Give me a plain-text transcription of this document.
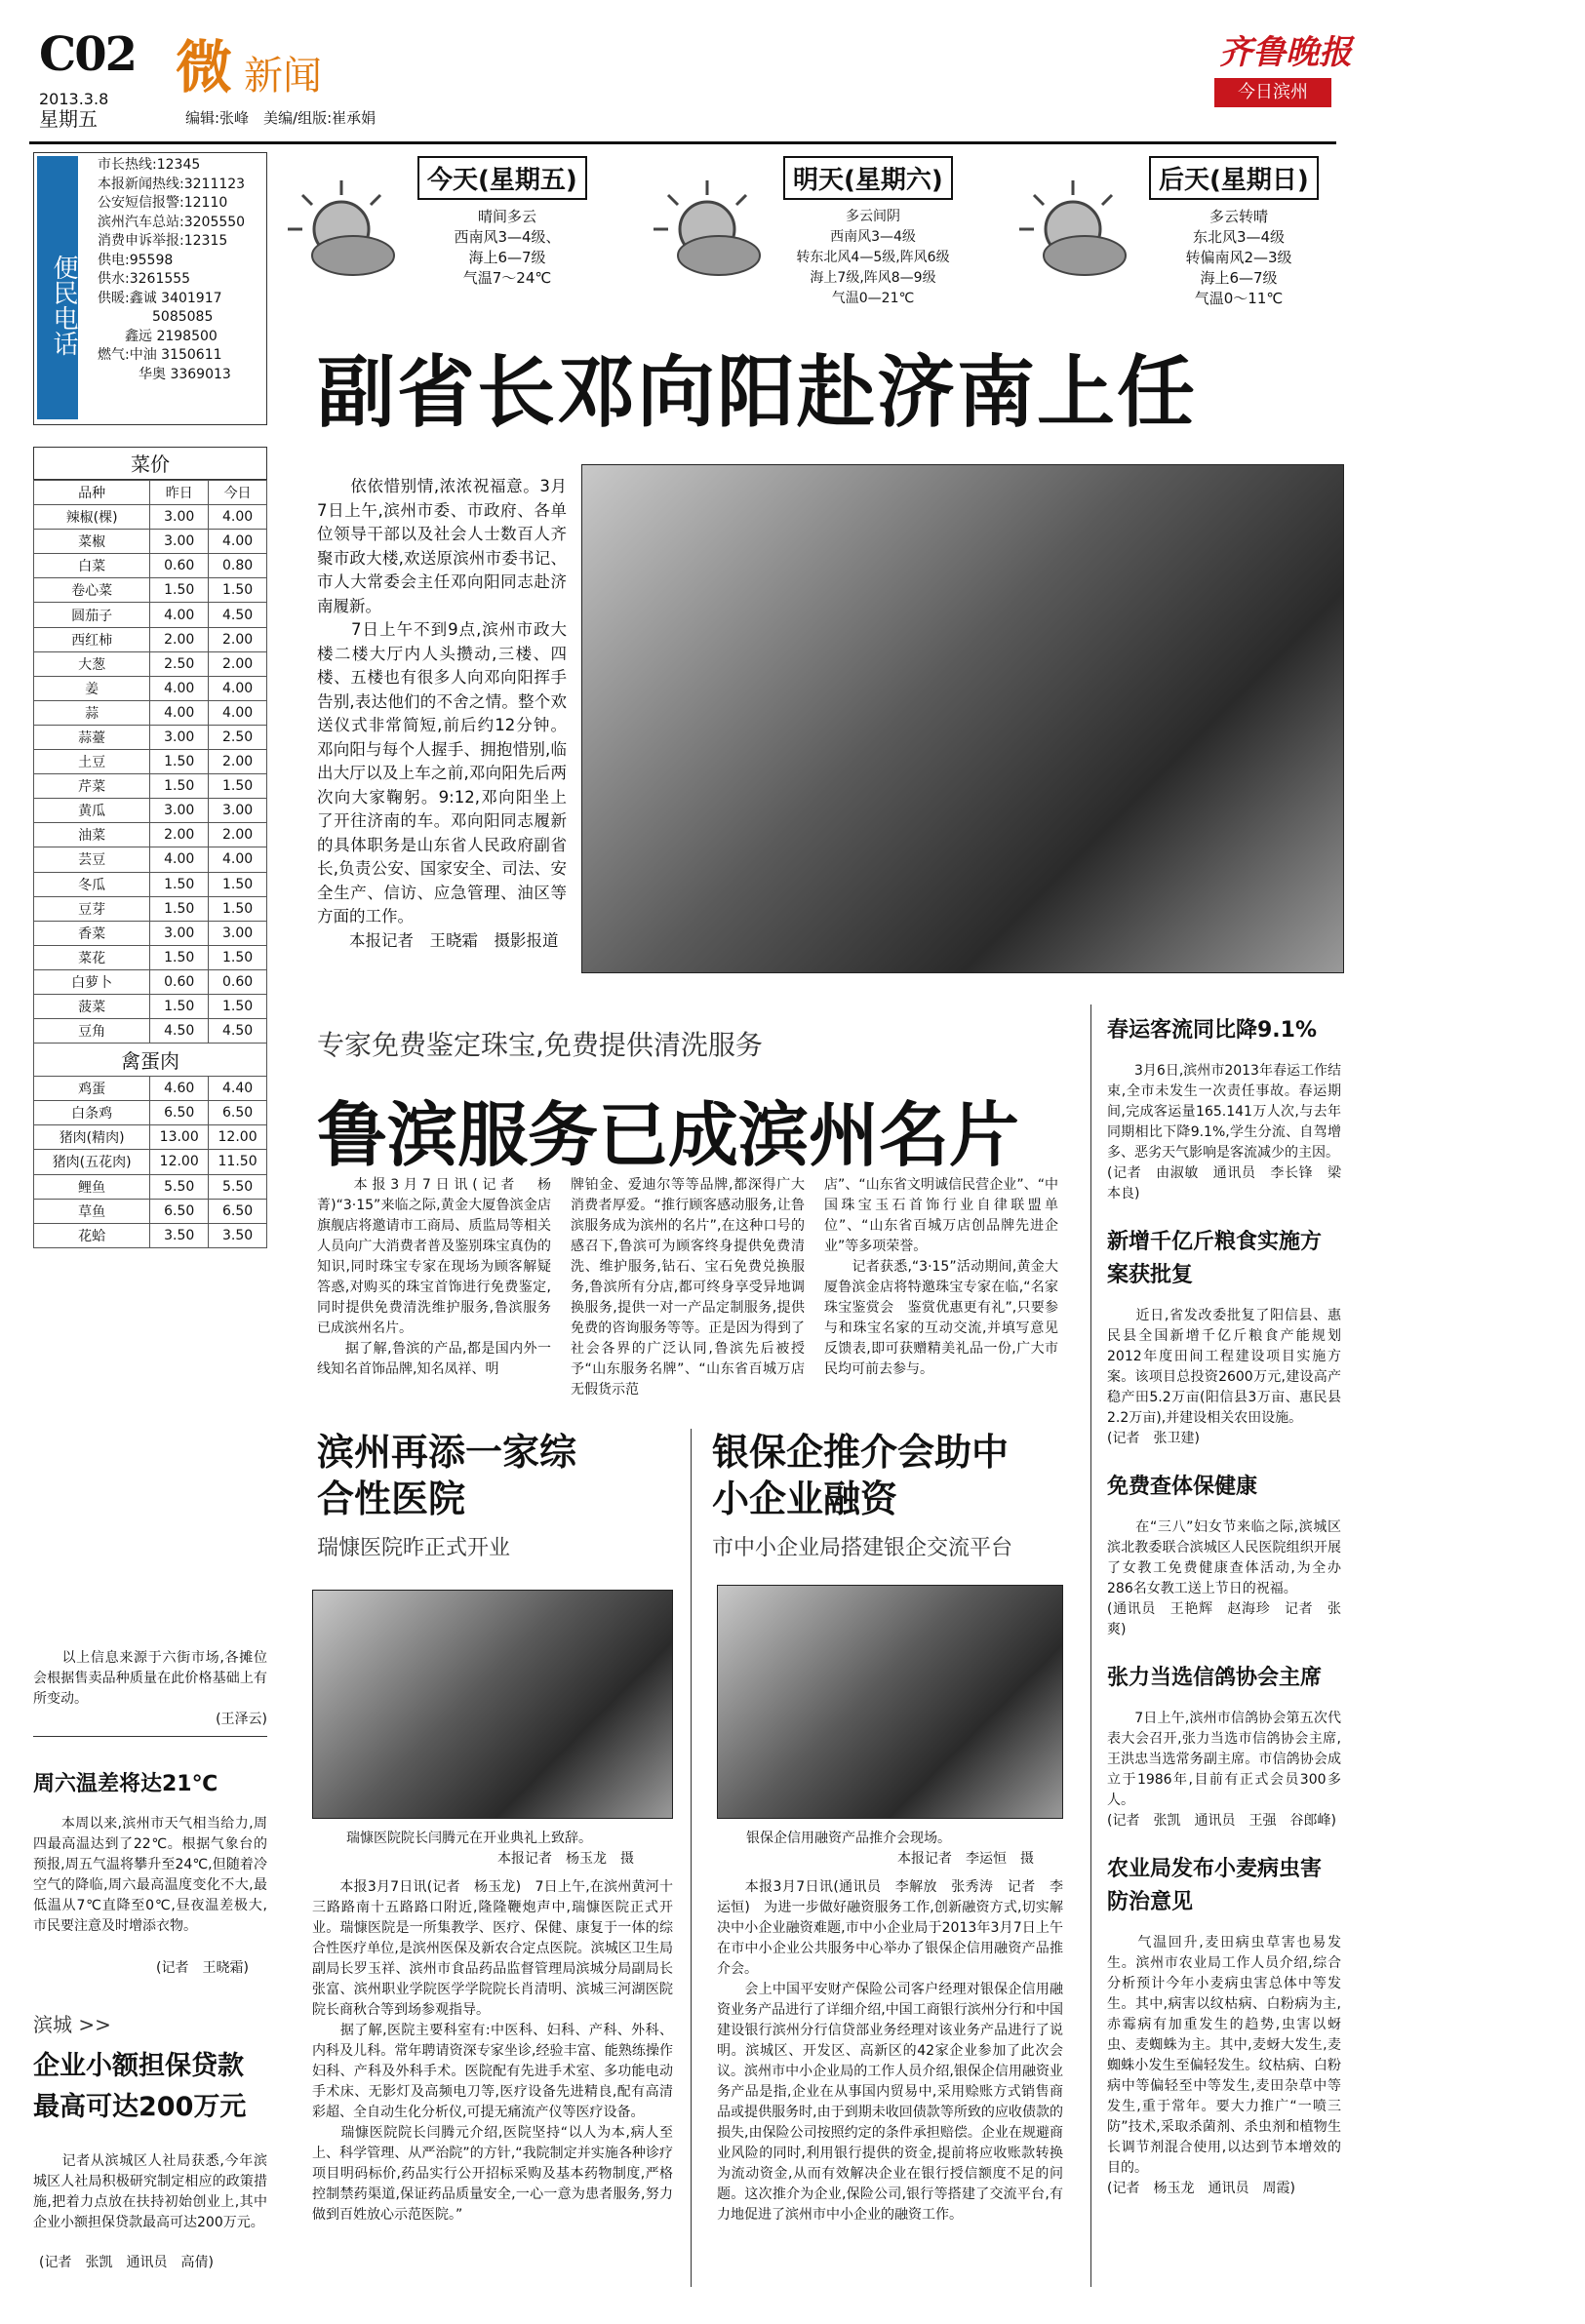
C02
2013.3.8
星期五
微 新闻
编辑:张峰　美编/组版:崔承娟
齐鲁晚报
今日滨州
便民电话
市长热线:12345
本报新闻热线:3211123
公安短信报警:12110
滨州汽车总站:3205550
消费申诉举报:12315
供电:95598
供水:3261555
供暖:鑫诚 3401917
　　　　5085085
　　鑫远 2198500
燃气:中油 3150611
　　　华奥 3369013
今天(星期五)
晴间多云
西南风3—4级、
海上6—7级
气温7～24℃
明天(星期六)
多云间阴
西南风3—4级
转东北风4—5级,阵风6级
海上7级,阵风8—9级
气温0—21℃
后天(星期日)
多云转晴
东北风3—4级
转偏南风2—3级
海上6—7级
气温0～11℃
副省长邓向阳赴济南上任
　　依依惜别情,浓浓祝福意。3月7日上午,滨州市委、市政府、各单位领导干部以及社会人士数百人齐聚市政大楼,欢送原滨州市委书记、市人大常委会主任邓向阳同志赴济南履新。
　　7日上午不到9点,滨州市政大楼二楼大厅内人头攒动,三楼、四楼、五楼也有很多人向邓向阳挥手告别,表达他们的不舍之情。整个欢送仪式非常简短,前后约12分钟。邓向阳与每个人握手、拥抱惜别,临出大厅以及上车之前,邓向阳先后两次向大家鞠躬。9:12,邓向阳坐上了开往济南的车。邓向阳同志履新的具体职务是山东省人民政府副省长,负责公安、国家安全、司法、安全生产、信访、应急管理、油区等方面的工作。
　　本报记者　王晓霜　摄影报道
菜价
品种	昨日	今日
辣椒(棵)	3.00	4.00
菜椒	3.00	4.00
白菜	0.60	0.80
卷心菜	1.50	1.50
圆茄子	4.00	4.50
西红柿	2.00	2.00
大葱	2.50	2.00
姜	4.00	4.00
蒜	4.00	4.00
蒜薹	3.00	2.50
土豆	1.50	2.00
芹菜	1.50	1.50
黄瓜	3.00	3.00
油菜	2.00	2.00
芸豆	4.00	4.00
冬瓜	1.50	1.50
豆芽	1.50	1.50
香菜	3.00	3.00
菜花	1.50	1.50
白萝卜	0.60	0.60
菠菜	1.50	1.50
豆角	4.50	4.50
禽蛋肉		
鸡蛋	4.60	4.40
白条鸡	6.50	6.50
猪肉(精肉)	13.00	12.00
猪肉(五花肉)	12.00	11.50
鲤鱼	5.50	5.50
草鱼	6.50	6.50
花蛤	3.50	3.50
　　以上信息来源于六街市场,各摊位会根据售卖品种质量在此价格基础上有所变动。
(王泽云)
周六温差将达21℃
　　本周以来,滨州市天气相当给力,周四最高温达到了22℃。根据气象台的预报,周五气温将攀升至24℃,但随着冷空气的降临,周六最高温度变化不大,最低温从7℃直降至0℃,昼夜温差极大,市民要注意及时增添衣物。
(记者　王晓霜)
滨城 >>
企业小额担保贷款最高可达200万元
　　记者从滨城区人社局获悉,今年滨城区人社局积极研究制定相应的政策措施,把着力点放在扶持初始创业上,其中企业小额担保贷款最高可达200万元。
(记者　张凯　通讯员　高倩)
专家免费鉴定珠宝,免费提供清洗服务
鲁滨服务已成滨州名片
　　本报3月7日讯(记者　杨菁)“3·15”来临之际,黄金大厦鲁滨金店旗舰店将邀请市工商局、质监局等相关人员向广大消费者普及鉴别珠宝真伪的知识,同时珠宝专家在现场为顾客解疑答惑,对购买的珠宝首饰进行免费鉴定,同时提供免费清洗维护服务,鲁滨服务已成滨州名片。
　　据了解,鲁滨的产品,都是国内外一线知名首饰品牌,知名凤祥、明
牌铂金、爱迪尔等等品牌,都深得广大消费者厚爱。“推行顾客感动服务,让鲁滨服务成为滨州的名片”,在这种口号的感召下,鲁滨可为顾客终身提供免费清洗、维护服务,钻石、宝石免费兑换服务,鲁滨所有分店,都可终身享受异地调换服务,提供一对一产品定制服务,提供免费的咨询服务等等。正是因为得到了社会各界的广泛认同,鲁滨先后被授予“山东服务名牌”、“山东省百城万店无假货示范
店”、“山东省文明诚信民营企业”、“中国珠宝玉石首饰行业自律联盟单位”、“山东省百城万店创品牌先进企业”等多项荣誉。
　　记者获悉,“3·15”活动期间,黄金大厦鲁滨金店将特邀珠宝专家在临,“名家珠宝鉴赏会　鉴赏优惠更有礼”,只要参与和珠宝名家的互动交流,并填写意见反馈表,即可获赠精美礼品一份,广大市民均可前去参与。
滨州再添一家综合性医院
瑞慷医院昨正式开业
瑞慷医院院长闫腾元在开业典礼上致辞。
本报记者　杨玉龙　摄
　　本报3月7日讯(记者　杨玉龙)　7日上午,在滨州黄河十三路路南十五路路口附近,隆隆鞭炮声中,瑞慷医院正式开业。瑞慷医院是一所集教学、医疗、保健、康复于一体的综合性医疗单位,是滨州医保及新农合定点医院。滨城区卫生局副局长罗玉祥、滨州市食品药品监督管理局滨城分局副局长张富、滨州职业学院医学学院院长肖清明、滨城三河湖医院院长商秋合等到场参观指导。
　　据了解,医院主要科室有:中医科、妇科、产科、外科、内科及儿科。常年聘请资深专家坐诊,经验丰富、能熟练操作妇科、产科及外科手术。医院配有先进手术室、多功能电动手术床、无影灯及高频电刀等,医疗设备先进精良,配有高清彩超、全自动生化分析仪,可提无痛流产仪等医疗设备。
　　瑞慷医院院长闫腾元介绍,医院坚持“以人为本,病人至上、科学管理、从严治院”的方针,“我院制定并实施各种诊疗项目明码标价,药品实行公开招标采购及基本药物制度,严格控制禁药渠道,保证药品质量安全,一心一意为患者服务,努力做到百姓放心示范医院。”
银保企推介会助中小企业融资
市中小企业局搭建银企交流平台
银保企信用融资产品推介会现场。
本报记者　李运恒　摄
　　本报3月7日讯(通讯员　李解放　张秀涛　记者　李运恒)　为进一步做好融资服务工作,创新融资方式,切实解决中小企业融资难题,市中小企业局于2013年3月7日上午在市中小企业公共服务中心举办了银保企信用融资产品推介会。
　　会上中国平安财产保险公司客户经理对银保企信用融资业务产品进行了详细介绍,中国工商银行滨州分行和中国建设银行滨州分行信贷部业务经理对该业务产品进行了说明。滨城区、开发区、高新区的42家企业参加了此次会议。滨州市中小企业局的工作人员介绍,银保企信用融资业务产品是指,企业在从事国内贸易中,采用赊账方式销售商品或提供服务时,由于到期未收回债款等所致的应收债款的损失,由保险公司按照约定的条件承担赔偿。企业在规避商业风险的同时,利用银行提供的资金,提前将应收账款转换为流动资金,从而有效解决企业在银行授信额度不足的问题。这次推介为企业,保险公司,银行等搭建了交流平台,有力地促进了滨州市中小企业的融资工作。
春运客流同比降9.1%
　　3月6日,滨州市2013年春运工作结束,全市未发生一次责任事故。春运期间,完成客运量165.141万人次,与去年同期相比下降9.1%,学生分流、自驾增多、恶劣天气影响是客流减少的主因。
(记者　由淑敏　通讯员　李长锋　梁本良)
新增千亿斤粮食实施方案获批复
　　近日,省发改委批复了阳信县、惠民县全国新增千亿斤粮食产能规划2012年度田间工程建设项目实施方案。该项目总投资2600万元,建设高产稳产田5.2万亩(阳信县3万亩、惠民县2.2万亩),并建设相关农田设施。
(记者　张卫建)
免费查体保健康
　　在“三八”妇女节来临之际,滨城区滨北教委联合滨城区人民医院组织开展了女教工免费健康查体活动,为全办286名女教工送上节日的祝福。
(通讯员　王艳辉　赵海珍　记者　张爽)
张力当选信鸽协会主席
　　7日上午,滨州市信鸽协会第五次代表大会召开,张力当选市信鸽协会主席,王洪忠当选常务副主席。市信鸽协会成立于1986年,目前有正式会员300多人。
(记者　张凯　通讯员　王强　谷郎峰)
农业局发布小麦病虫害防治意见
　　气温回升,麦田病虫草害也易发生。滨州市农业局工作人员介绍,综合分析预计今年小麦病虫害总体中等发生。其中,病害以纹枯病、白粉病为主,赤霉病有加重发生的趋势,虫害以蚜虫、麦蜘蛛为主。其中,麦蚜大发生,麦蜘蛛小发生至偏轻发生。纹枯病、白粉病中等偏轻至中等发生,麦田杂草中等发生,重于常年。要大力推广“一喷三防”技术,采取杀菌剂、杀虫剂和植物生长调节剂混合使用,以达到节本增效的目的。
(记者　杨玉龙　通讯员　周霞)
